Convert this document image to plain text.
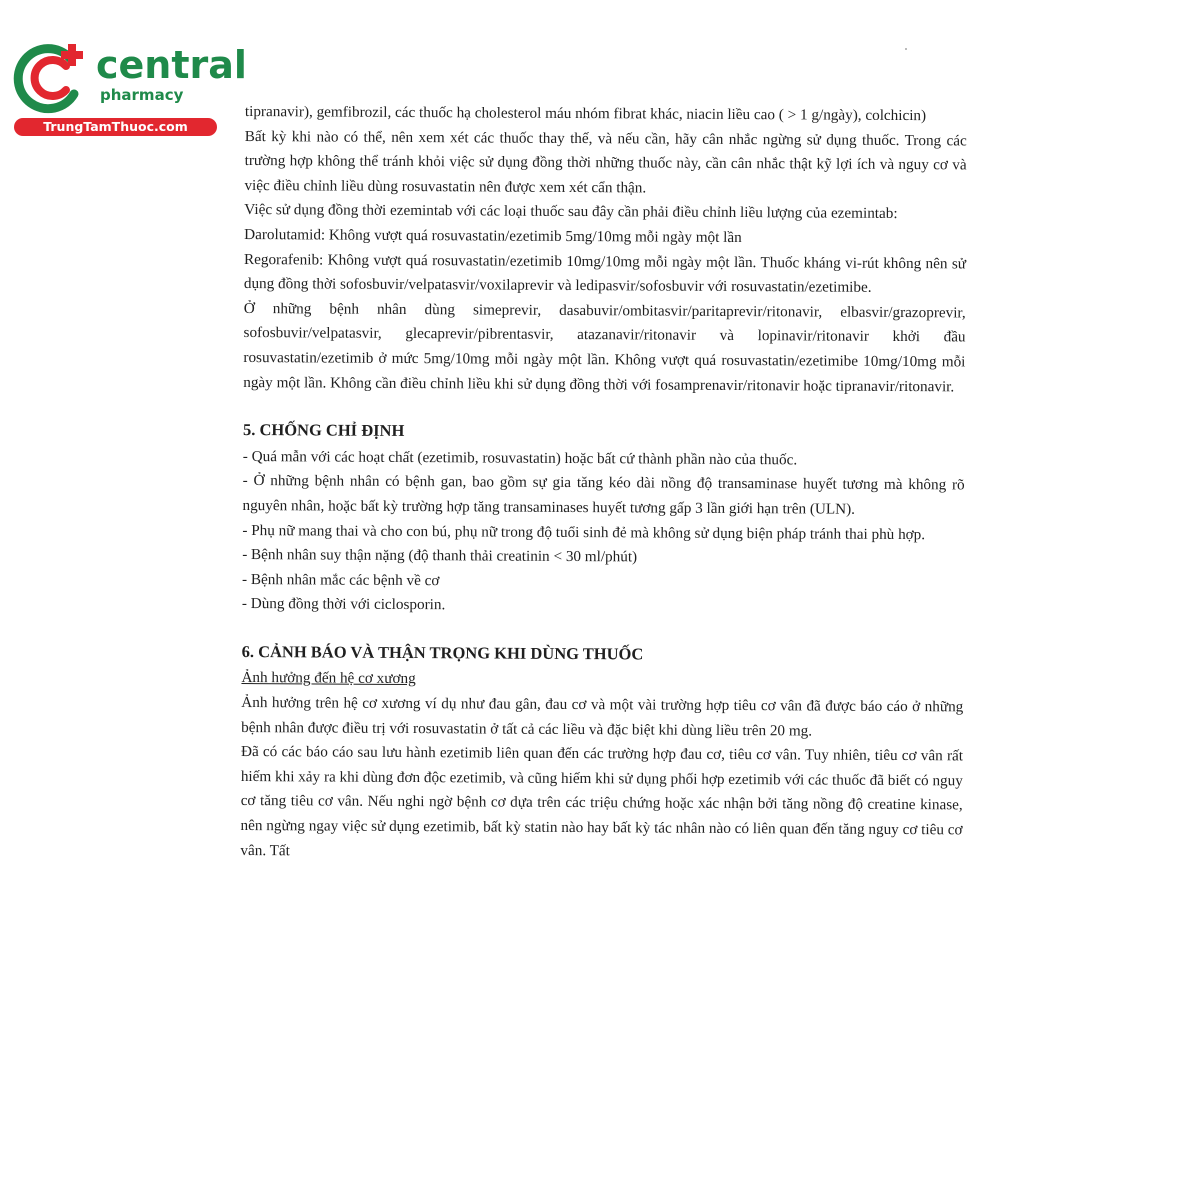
central
pharmacy
TrungTamThuoc.com

tipranavir), gemfibrozil, các thuốc hạ cholesterol máu nhóm fibrat khác, niacin liều cao ( > 1 g/ngày), colchicin)

Bất kỳ khi nào có thể, nên xem xét các thuốc thay thế, và nếu cần, hãy cân nhắc ngừng sử dụng thuốc. Trong các trường hợp không thể tránh khỏi việc sử dụng đồng thời những thuốc này, cần cân nhắc thật kỹ lợi ích và nguy cơ và việc điều chỉnh liều dùng rosuvastatin nên được xem xét cẩn thận.

Việc sử dụng đồng thời ezemintab với các loại thuốc sau đây cần phải điều chỉnh liều lượng của ezemintab:

Darolutamid: Không vượt quá rosuvastatin/ezetimib 5mg/10mg mỗi ngày một lần

Regorafenib: Không vượt quá rosuvastatin/ezetimib 10mg/10mg mỗi ngày một lần. Thuốc kháng vi-rút không nên sử dụng đồng thời sofosbuvir/velpatasvir/voxilaprevir và ledipasvir/sofosbuvir với rosuvastatin/ezetimibe.

Ở những bệnh nhân dùng simeprevir, dasabuvir/ombitasvir/paritaprevir/ritonavir, elbasvir/grazoprevir, sofosbuvir/velpatasvir, glecaprevir/pibrentasvir, atazanavir/ritonavir và lopinavir/ritonavir khởi đầu rosuvastatin/ezetimib ở mức 5mg/10mg mỗi ngày một lần. Không vượt quá rosuvastatin/ezetimibe 10mg/10mg mỗi ngày một lần. Không cần điều chỉnh liều khi sử dụng đồng thời với fosamprenavir/ritonavir hoặc tipranavir/ritonavir.

5. CHỐNG CHỈ ĐỊNH

- Quá mẫn với các hoạt chất (ezetimib, rosuvastatin) hoặc bất cứ thành phần nào của thuốc.

- Ở những bệnh nhân có bệnh gan, bao gồm sự gia tăng kéo dài nồng độ transaminase huyết tương mà không rõ nguyên nhân, hoặc bất kỳ trường hợp tăng transaminases huyết tương gấp 3 lần giới hạn trên (ULN).

- Phụ nữ mang thai và cho con bú, phụ nữ trong độ tuổi sinh đẻ mà không sử dụng biện pháp tránh thai phù hợp.

- Bệnh nhân suy thận nặng (độ thanh thải creatinin < 30 ml/phút)

- Bệnh nhân mắc các bệnh về cơ

- Dùng đồng thời với ciclosporin.

6. CẢNH BÁO VÀ THẬN TRỌNG KHI DÙNG THUỐC

Ảnh hưởng đến hệ cơ xương

Ảnh hưởng trên hệ cơ xương ví dụ như đau gân, đau cơ và một vài trường hợp tiêu cơ vân đã được báo cáo ở những bệnh nhân được điều trị với rosuvastatin ở tất cả các liều và đặc biệt khi dùng liều trên 20 mg.

Đã có các báo cáo sau lưu hành ezetimib liên quan đến các trường hợp đau cơ, tiêu cơ vân. Tuy nhiên, tiêu cơ vân rất hiếm khi xảy ra khi dùng đơn độc ezetimib, và cũng hiếm khi sử dụng phối hợp ezetimib với các thuốc đã biết có nguy cơ tăng tiêu cơ vân. Nếu nghi ngờ bệnh cơ dựa trên các triệu chứng hoặc xác nhận bởi tăng nồng độ creatine kinase, nên ngừng ngay việc sử dụng ezetimib, bất kỳ statin nào hay bất kỳ tác nhân nào có liên quan đến tăng nguy cơ tiêu cơ vân. Tất
